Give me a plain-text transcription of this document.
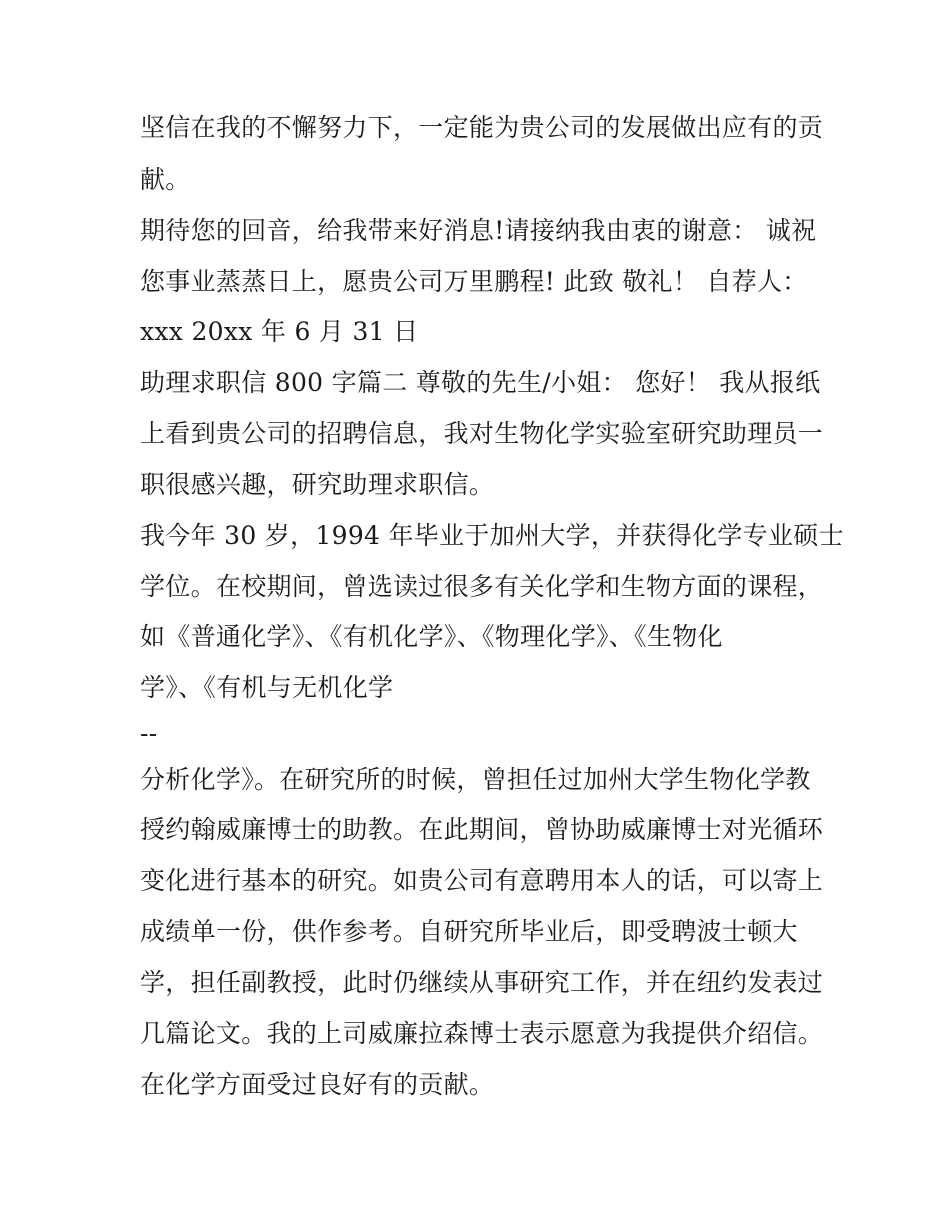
坚信在我的不懈努力下，一定能为贵公司的发展做出应有的贡

献。

期待您的回音，给我带来好消息!请接纳我由衷的谢意： 诚祝

您事业蒸蒸日上，愿贵公司万里鹏程! 此致 敬礼！ 自荐人：

xxx 20xx 年 6 月 31 日

助理求职信 800 字篇二 尊敬的先生/小姐： 您好！ 我从报纸

上看到贵公司的招聘信息，我对生物化学实验室研究助理员一

职很感兴趣，研究助理求职信。

我今年 30 岁，1994 年毕业于加州大学，并获得化学专业硕士

学位。在校期间，曾选读过很多有关化学和生物方面的课程，

如《普通化学》、《有机化学》、《物理化学》、《生物化

学》、《有机与无机化学

--

分析化学》。在研究所的时候，曾担任过加州大学生物化学教

授约翰威廉博士的助教。在此期间，曾协助威廉博士对光循环

变化进行基本的研究。如贵公司有意聘用本人的话，可以寄上

成绩单一份，供作参考。自研究所毕业后，即受聘波士顿大

学，担任副教授，此时仍继续从事研究工作，并在纽约发表过

几篇论文。我的上司威廉拉森博士表示愿意为我提供介绍信。

在化学方面受过良好有的贡献。
